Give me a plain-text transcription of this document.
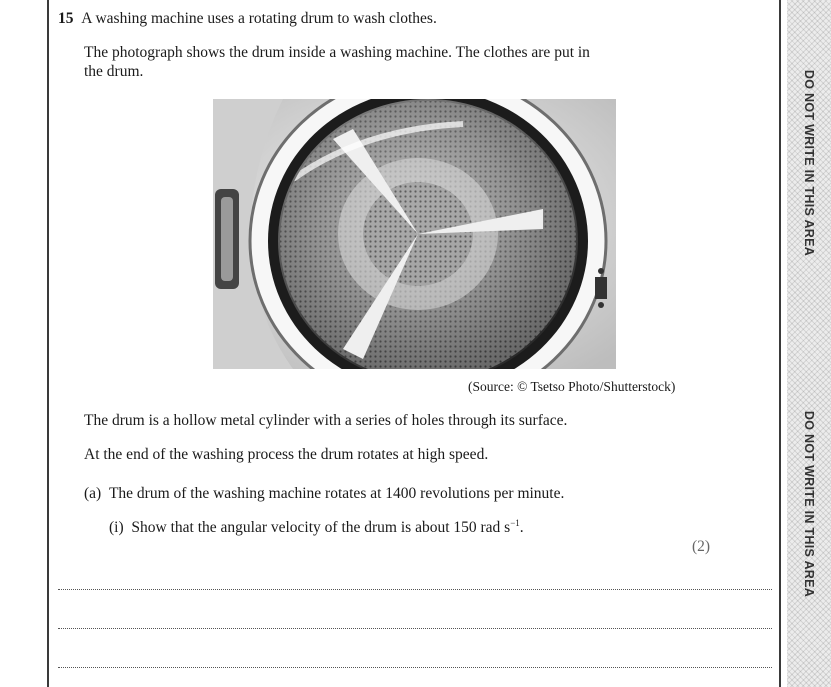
DO NOT WRITE IN THIS AREA
DO NOT WRITE IN THIS AREA
15 A washing machine uses a rotating drum to wash clothes.
The photograph shows the drum inside a washing machine. The clothes are put in
the drum.
(Source: © Tsetso Photo/Shutterstock)
The drum is a hollow metal cylinder with a series of holes through its surface.
At the end of the washing process the drum rotates at high speed.
(a) The drum of the washing machine rotates at 1400 revolutions per minute.
(i) Show that the angular velocity of the drum is about 150 rad $s^{-1}$.
(2)
